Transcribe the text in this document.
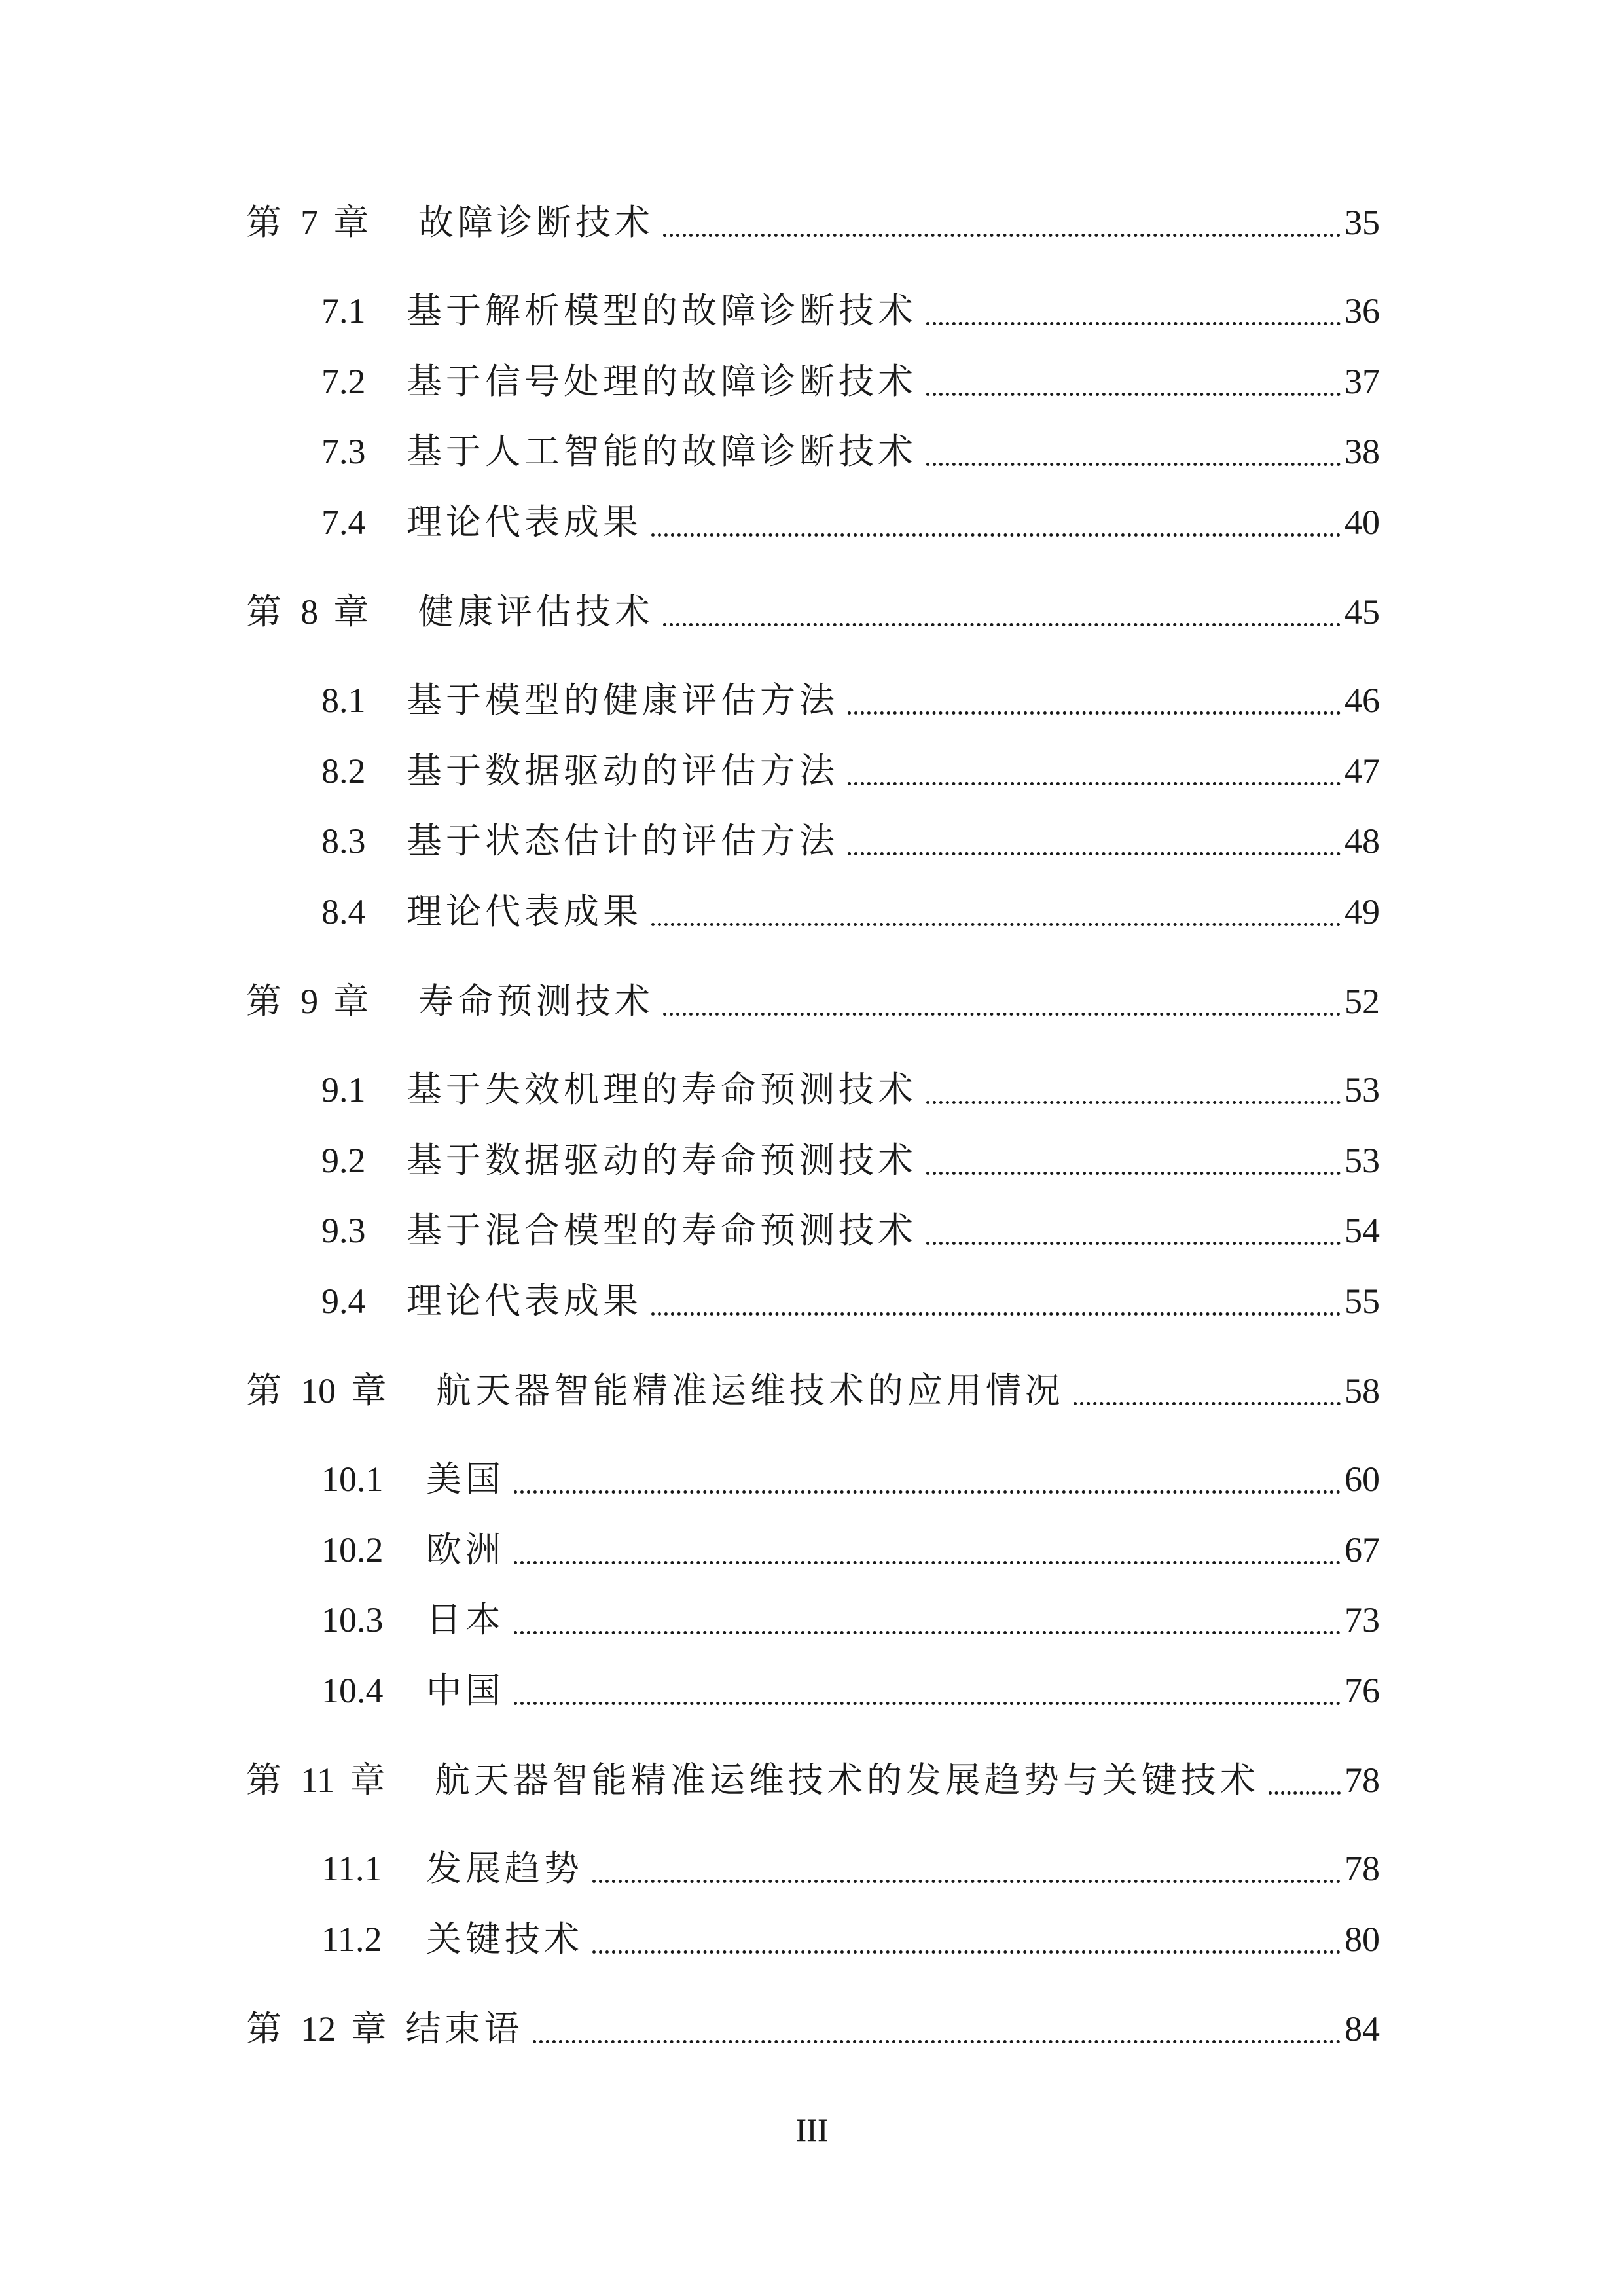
第 7 章 故障诊断技术	35
7.1 基于解析模型的故障诊断技术	36
7.2 基于信号处理的故障诊断技术	37
7.3 基于人工智能的故障诊断技术	38
7.4 理论代表成果	40
第 8 章 健康评估技术	45
8.1 基于模型的健康评估方法	46
8.2 基于数据驱动的评估方法	47
8.3 基于状态估计的评估方法	48
8.4 理论代表成果	49
第 9 章 寿命预测技术	52
9.1 基于失效机理的寿命预测技术	53
9.2 基于数据驱动的寿命预测技术	53
9.3 基于混合模型的寿命预测技术	54
9.4 理论代表成果	55
第 10 章 航天器智能精准运维技术的应用情况	58
10.1 美国	60
10.2 欧洲	67
10.3 日本	73
10.4 中国	76
第 11 章 航天器智能精准运维技术的发展趋势与关键技术 78
11.1 发展趋势	78
11.2 关键技术	80
第 12 章 结束语	84
III
